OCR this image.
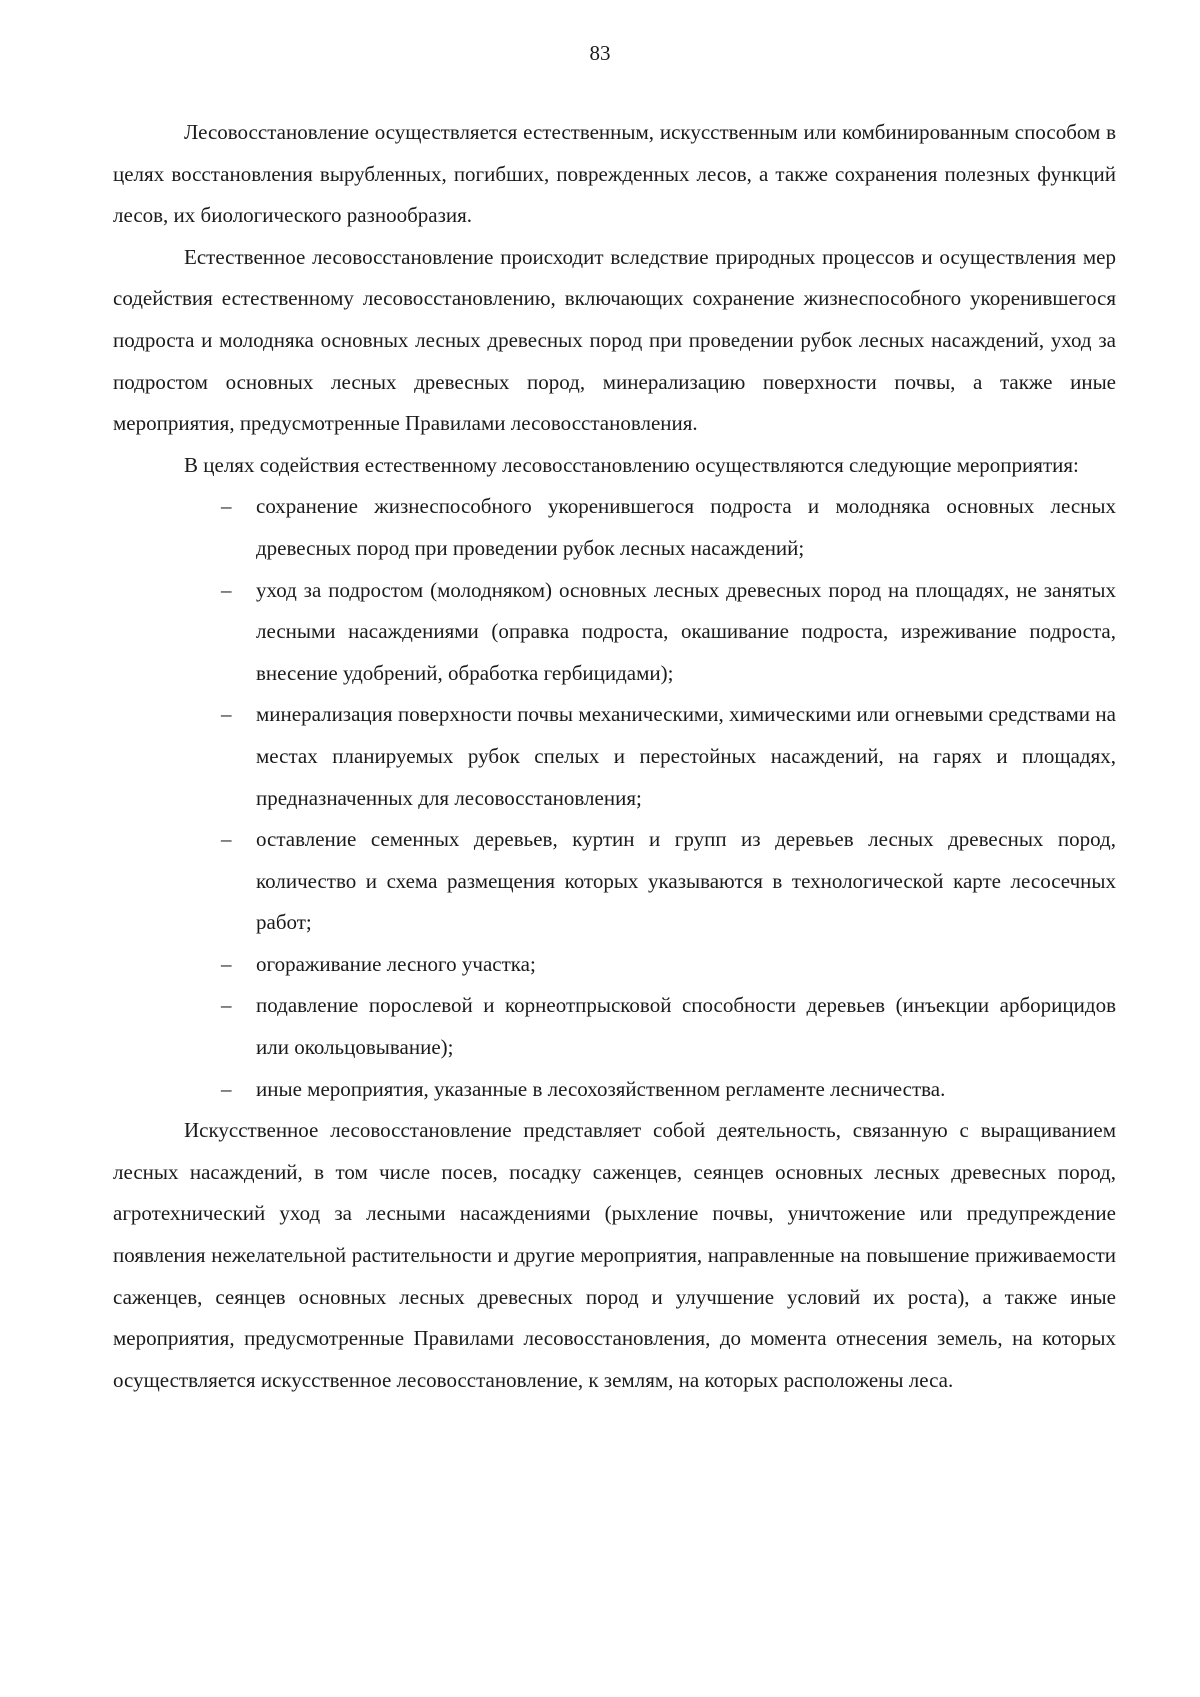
83

Лесовосстановление осуществляется естественным, искусственным или комбинированным способом в целях восстановления вырубленных, погибших, поврежденных лесов, а также сохранения полезных функций лесов, их биологического разнообразия.

Естественное лесовосстановление происходит вследствие природных процессов и осуществления мер содействия естественному лесовосстановлению, включающих сохранение жизнеспособного укоренившегося подроста и молодняка основных лесных древесных пород при проведении рубок лесных насаждений, уход за подростом основных лесных древесных пород, минерализацию поверхности почвы, а также иные мероприятия, предусмотренные Правилами лесовосстановления.

В целях содействия естественному лесовосстановлению осуществляются следующие мероприятия:

– сохранение жизнеспособного укоренившегося подроста и молодняка основных лесных древесных пород при проведении рубок лесных насаждений;
– уход за подростом (молодняком) основных лесных древесных пород на площадях, не занятых лесными насаждениями (оправка подроста, окашивание подроста, изреживание подроста, внесение удобрений, обработка гербицидами);
– минерализация поверхности почвы механическими, химическими или огневыми средствами на местах планируемых рубок спелых и перестойных насаждений, на гарях и площадях, предназначенных для лесовосстановления;
– оставление семенных деревьев, куртин и групп из деревьев лесных древесных пород, количество и схема размещения которых указываются в технологической карте лесосечных работ;
– огораживание лесного участка;
– подавление порослевой и корнеотпрысковой способности деревьев (инъекции арборицидов или окольцовывание);
– иные мероприятия, указанные в лесохозяйственном регламенте лесничества.

Искусственное лесовосстановление представляет собой деятельность, связанную с выращиванием лесных насаждений, в том числе посев, посадку саженцев, сеянцев основных лесных древесных пород, агротехнический уход за лесными насаждениями (рыхление почвы, уничтожение или предупреждение появления нежелательной растительности и другие мероприятия, направленные на повышение приживаемости саженцев, сеянцев основных лесных древесных пород и улучшение условий их роста), а также иные мероприятия, предусмотренные Правилами лесовосстановления, до момента отнесения земель, на которых осуществляется искусственное лесовосстановление, к землям, на которых расположены леса.
